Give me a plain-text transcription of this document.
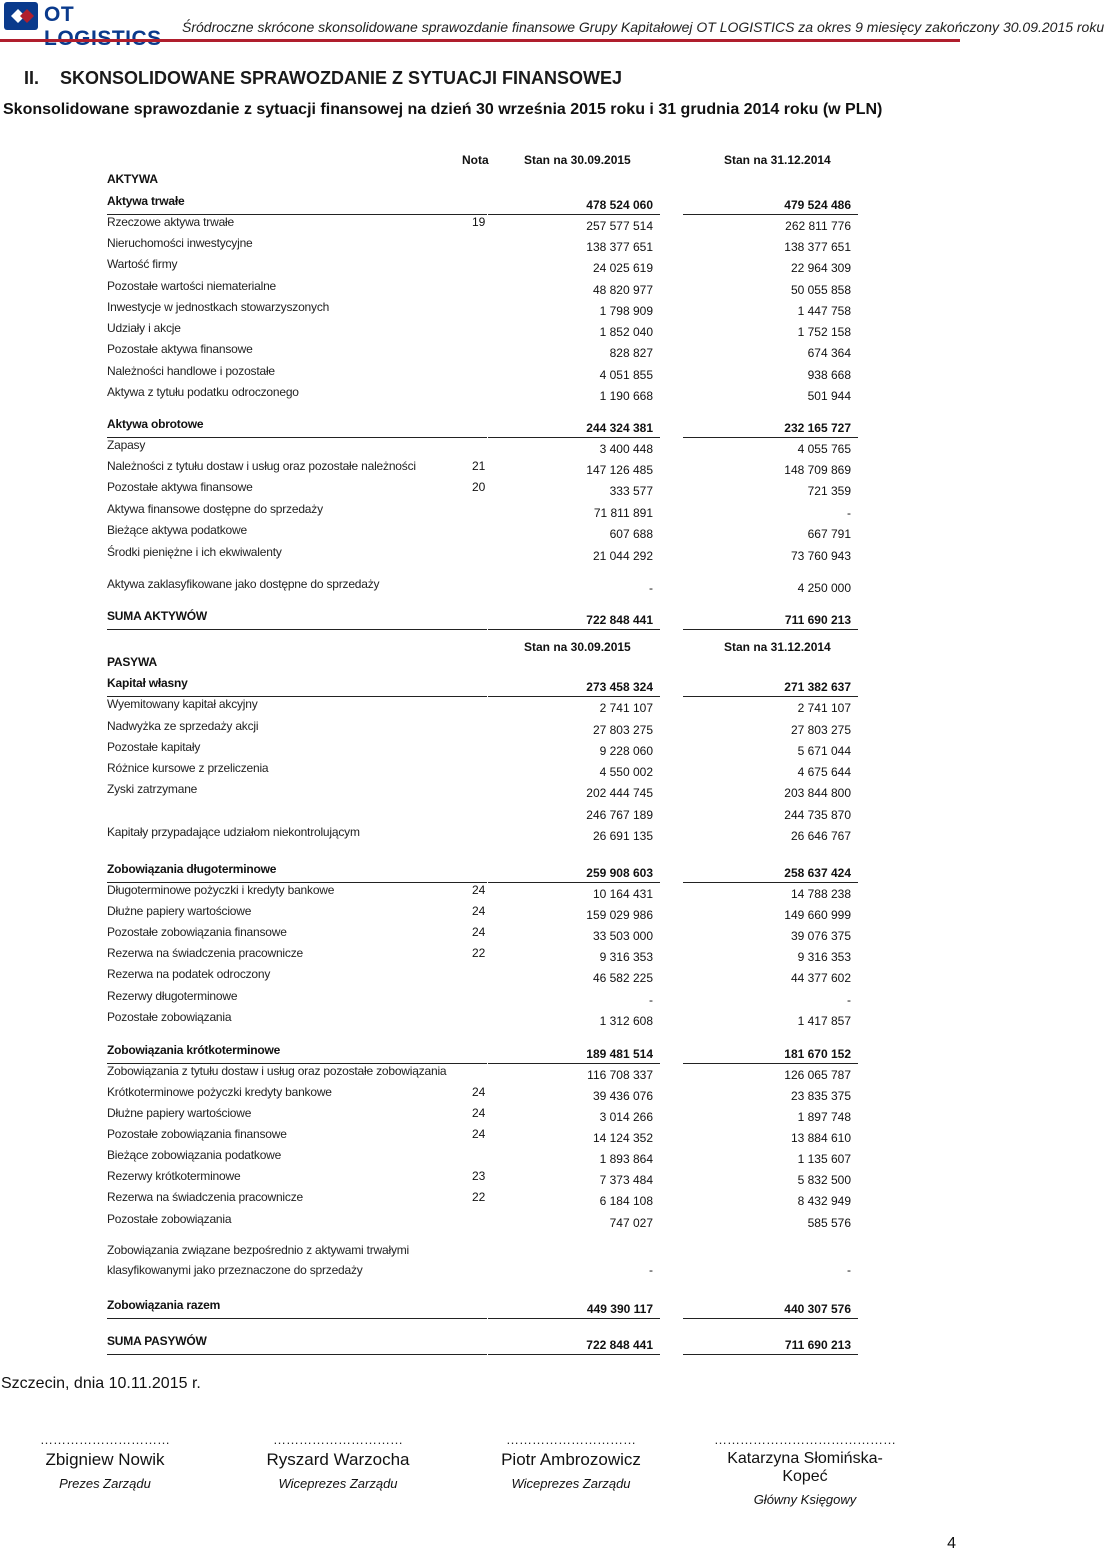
OT
Śródroczne skrócone skonsolidowane sprawozdanie finansowe Grupy Kapitałowej OT LOGISTICS za okres 9 miesięcy zakończony 30.09.2015 roku
II. SKONSOLIDOWANE SPRAWOZDANIE Z SYTUACJI FINANSOWEJ
Skonsolidowane sprawozdanie z sytuacji finansowej na dzień 30 września 2015 roku i 31 grudnia 2014 roku (w PLN)
Nota	Stan na 30.09.2015	Stan na 31.12.2014
Stan na 30.09.2015	Stan na 31.12.2014
AKTYWA
Aktywa trwałe	478 524 060	479 524 486
Rzeczowe aktywa trwałe	19	257 577 514	262 811 776
Nieruchomości inwestycyjne	138 377 651	138 377 651
Wartość firmy	24 025 619	22 964 309
Pozostałe wartości niematerialne	48 820 977	50 055 858
Inwestycje w jednostkach stowarzyszonych	1 798 909	1 447 758
Udziały i akcje	1 852 040	1 752 158
Pozostałe aktywa finansowe	828 827	674 364
Należności handlowe i pozostałe	4 051 855	938 668
Aktywa z tytułu podatku odroczonego	1 190 668	501 944
Aktywa obrotowe	244 324 381	232 165 727
Zapasy	3 400 448	4 055 765
Należności z tytułu dostaw i usług oraz pozostałe należności	21	147 126 485	148 709 869
Pozostałe aktywa finansowe	20	333 577	721 359
Aktywa finansowe dostępne do sprzedaży	71 811 891	-
Bieżące aktywa podatkowe	607 688	667 791
Środki pieniężne i ich ekwiwalenty	21 044 292	73 760 943
Aktywa zaklasyfikowane jako dostępne do sprzedaży	-	4 250 000
SUMA AKTYWÓW	722 848 441	711 690 213
PASYWA
Kapitał własny	273 458 324	271 382 637
Wyemitowany kapitał akcyjny	2 741 107	2 741 107
Nadwyżka ze sprzedaży akcji	27 803 275	27 803 275
Pozostałe kapitały	9 228 060	5 671 044
Różnice kursowe z przeliczenia	4 550 002	4 675 644
Zyski zatrzymane	202 444 745	203 844 800
246 767 189	244 735 870
Kapitały przypadające udziałom niekontrolującym	26 691 135	26 646 767
Zobowiązania długoterminowe	259 908 603	258 637 424
Długoterminowe pożyczki i kredyty bankowe	24	10 164 431	14 788 238
Dłużne papiery wartościowe	24	159 029 986	149 660 999
Pozostałe zobowiązania finansowe	24	33 503 000	39 076 375
Rezerwa na świadczenia pracownicze	22	9 316 353	9 316 353
Rezerwa na podatek odroczony	46 582 225	44 377 602
Rezerwy długoterminowe	-	-
Pozostałe zobowiązania	1 312 608	1 417 857
Zobowiązania krótkoterminowe	189 481 514	181 670 152
Zobowiązania z tytułu dostaw i usług oraz pozostałe zobowiązania	116 708 337	126 065 787
Krótkoterminowe pożyczki kredyty bankowe	24	39 436 076	23 835 375
Dłużne papiery wartościowe	24	3 014 266	1 897 748
Pozostałe zobowiązania finansowe	24	14 124 352	13 884 610
Bieżące zobowiązania podatkowe	1 893 864	1 135 607
Rezerwy krótkoterminowe	23	7 373 484	5 832 500
Rezerwa na świadczenia pracownicze	22	6 184 108	8 432 949
Pozostałe zobowiązania	747 027	585 576
Zobowiązania związane bezpośrednio z aktywami trwałymi
klasyfikowanymi jako przeznaczone do sprzedaży	-	-
Zobowiązania razem	449 390 117	440 307 576
SUMA PASYWÓW	722 848 441	711 690 213
Szczecin, dnia 10.11.2015 r.
…………………………
Zbigniew Nowik
Prezes Zarządu
…………………………
Ryszard Warzocha
Wiceprezes Zarządu
…………………………
Piotr Ambrozowicz
Wiceprezes Zarządu
……………………………………
Katarzyna Słomińska-Kopeć
Główny Księgowy
4
